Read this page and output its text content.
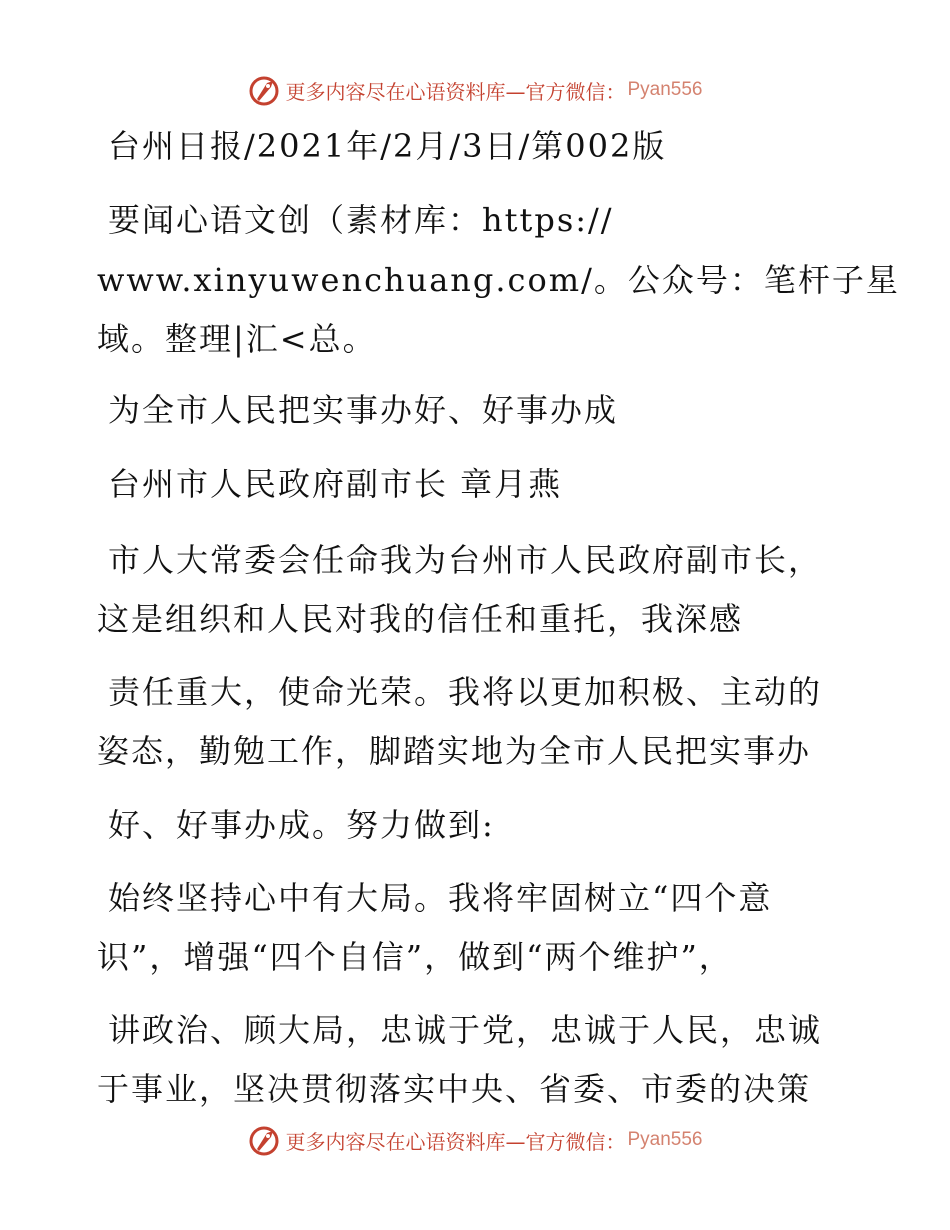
更多内容尽在心语资料库—官方微信： Pyan556
台州日报/2021年/2月/3日/第002版
要闻心语文创（素材库：https://
www.xinyuwenchuang.com/。公众号：笔杆子星
域。整理|汇<总。
为全市人民把实事办好、好事办成
台州市人民政府副市长 章月燕
市人大常委会任命我为台州市人民政府副市长，
这是组织和人民对我的信任和重托，我深感
责任重大，使命光荣。我将以更加积极、主动的
姿态，勤勉工作，脚踏实地为全市人民把实事办
好、好事办成。努力做到:
始终坚持心中有大局。我将牢固树立“四个意
识”，增强“四个自信”，做到“两个维护”，
讲政治、顾大局，忠诚于党，忠诚于人民，忠诚
于事业，坚决贯彻落实中央、省委、市委的决策
更多内容尽在心语资料库—官方微信： Pyan556
